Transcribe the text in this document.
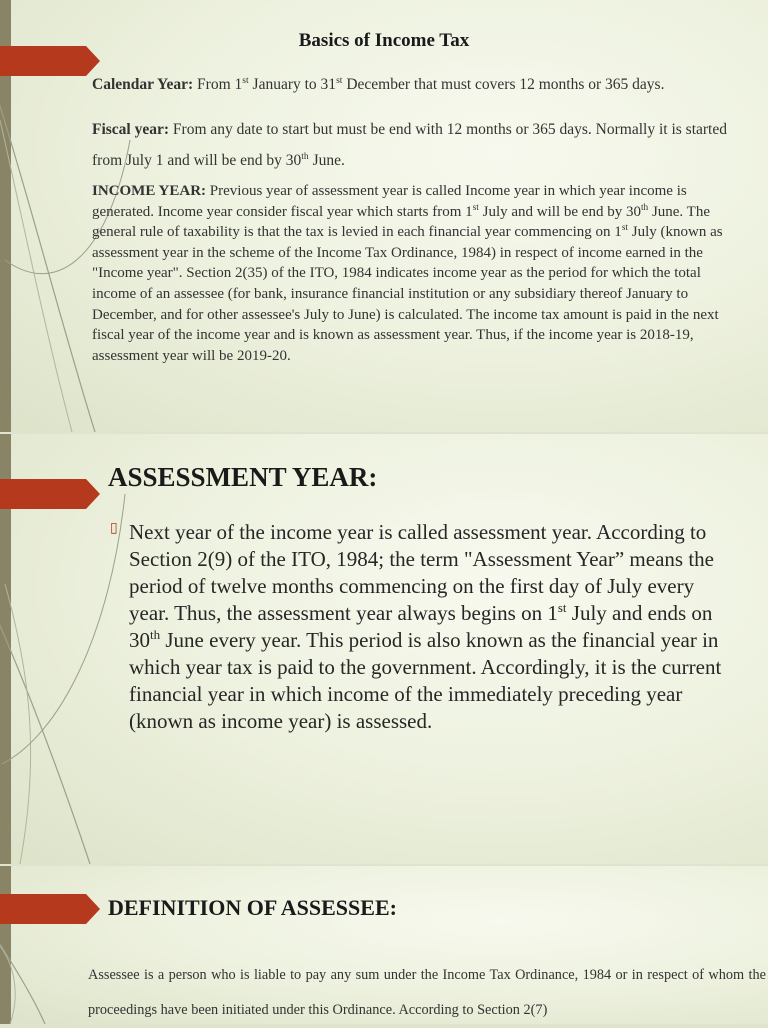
Basics of Income Tax
Calendar Year: From 1st January to 31st December that must covers 12 months or 365 days.
Fiscal year: From any date to start but must be end with 12 months or 365 days. Normally it is started from July 1 and will be end by 30th June.
INCOME YEAR: Previous year of assessment year is called Income year in which year income is generated. Income year consider fiscal year which starts from 1st July and will be end by 30th June. The general rule of taxability is that the tax is levied in each financial year commencing on 1st July (known as assessment year in the scheme of the Income Tax Ordinance, 1984) in respect of income earned in the "Income year". Section 2(35) of the ITO, 1984 indicates income year as the period for which the total income of an assessee (for bank, insurance financial institution or any subsidiary thereof January to December, and for other assessee's July to June) is calculated. The income tax amount is paid in the next fiscal year of the income year and is known as assessment year. Thus, if the income year is 2018-19, assessment year will be 2019-20.
ASSESSMENT YEAR:
▯ Next year of the income year is called assessment year. According to Section 2(9) of the ITO, 1984; the term "Assessment Year” means the period of twelve months commencing on the first day of July every year. Thus, the assessment year always begins on 1st July and ends on 30th June every year. This period is also known as the financial year in which year tax is paid to the government. Accordingly, it is the current financial year in which income of the immediately preceding year (known as income year) is assessed.
DEFINITION OF ASSESSEE:
Assessee is a person who is liable to pay any sum under the Income Tax Ordinance, 1984 or in respect of whom the proceedings have been initiated under this Ordinance. According to Section 2(7)
